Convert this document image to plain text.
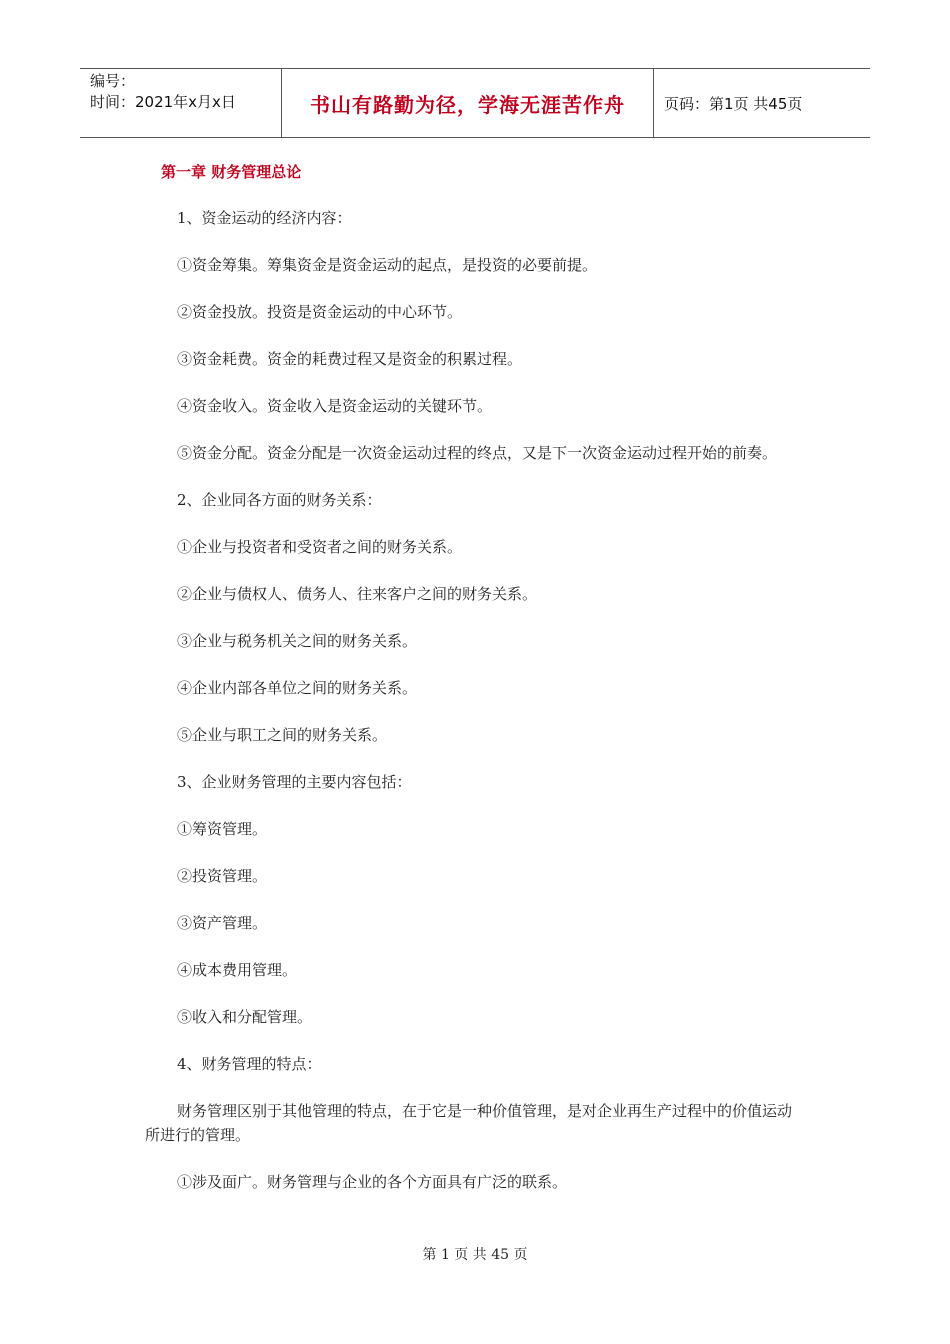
编号：
时间：2021年x月x日	书山有路勤为径，学海无涯苦作舟	页码：第1页 共45页
第一章 财务管理总论

1、资金运动的经济内容：

①资金筹集。筹集资金是资金运动的起点，是投资的必要前提。

②资金投放。投资是资金运动的中心环节。

③资金耗费。资金的耗费过程又是资金的积累过程。

④资金收入。资金收入是资金运动的关键环节。

⑤资金分配。资金分配是一次资金运动过程的终点，又是下一次资金运动过程开始的前奏。

2、企业同各方面的财务关系：

①企业与投资者和受资者之间的财务关系。

②企业与债权人、债务人、往来客户之间的财务关系。

③企业与税务机关之间的财务关系。

④企业内部各单位之间的财务关系。

⑤企业与职工之间的财务关系。

3、企业财务管理的主要内容包括：

①筹资管理。

②投资管理。

③资产管理。

④成本费用管理。

⑤收入和分配管理。

4、财务管理的特点：

财务管理区别于其他管理的特点，在于它是一种价值管理，是对企业再生产过程中的价值运动所进行的管理。

①涉及面广。财务管理与企业的各个方面具有广泛的联系。

第 1 页 共 45 页
